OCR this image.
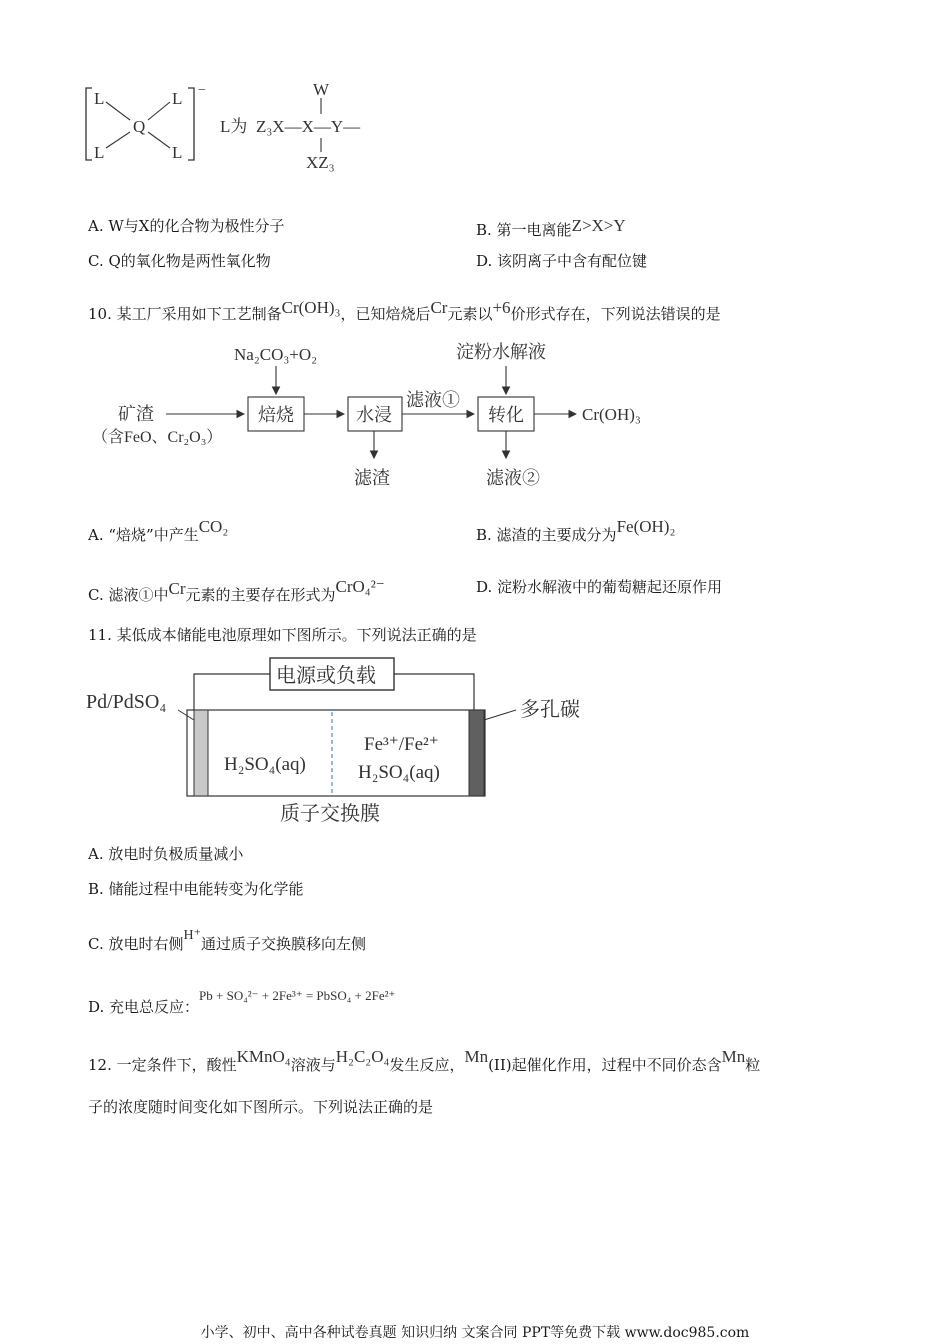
−
L	L
L	L
Q	L为 Z₃X—X—Y—
W
XZ₃
A. W与X的化合物为极性分子	B. 第一电离能Z>X>Y
C. Q的氧化物是两性氧化物	D. 该阴离子中含有配位键
10. 某工厂采用如下工艺制备Cr(OH)₃，已知焙烧后Cr元素以+6价形式存在，下列说法错误的是
Na₂CO₃+O₂	淀粉水解液
矿渣
（含FeO、Cr₂O₃）
焙烧	水浸
滤液①
转化	Cr(OH)₃
滤渣	滤液②
A. “焙烧”中产生CO₂	B. 滤渣的主要成分为Fe(OH)₂
C. 滤液①中Cr元素的主要存在形式为CrO₄²⁻	D. 淀粉水解液中的葡萄糖起还原作用
11. 某低成本储能电池原理如下图所示。下列说法正确的是
电源或负载
Pd/PdSO₄	多孔碳
H₂SO₄(aq)
Fe³⁺/Fe²⁺
H₂SO₄(aq)
质子交换膜
A. 放电时负极质量减小
B. 储能过程中电能转变为化学能
C. 放电时右侧H⁺通过质子交换膜移向左侧
D. 充电总反应：Pb + SO₄²⁻ + 2Fe³⁺ = PbSO₄ + 2Fe²⁺
12. 一定条件下，酸性KMnO₄溶液与H₂C₂O₄发生反应，Mn(II)起催化作用，过程中不同价态含Mn粒
子的浓度随时间变化如下图所示。下列说法正确的是
小学、初中、高中各种试卷真题 知识归纳 文案合同 PPT等免费下载 www.doc985.com
